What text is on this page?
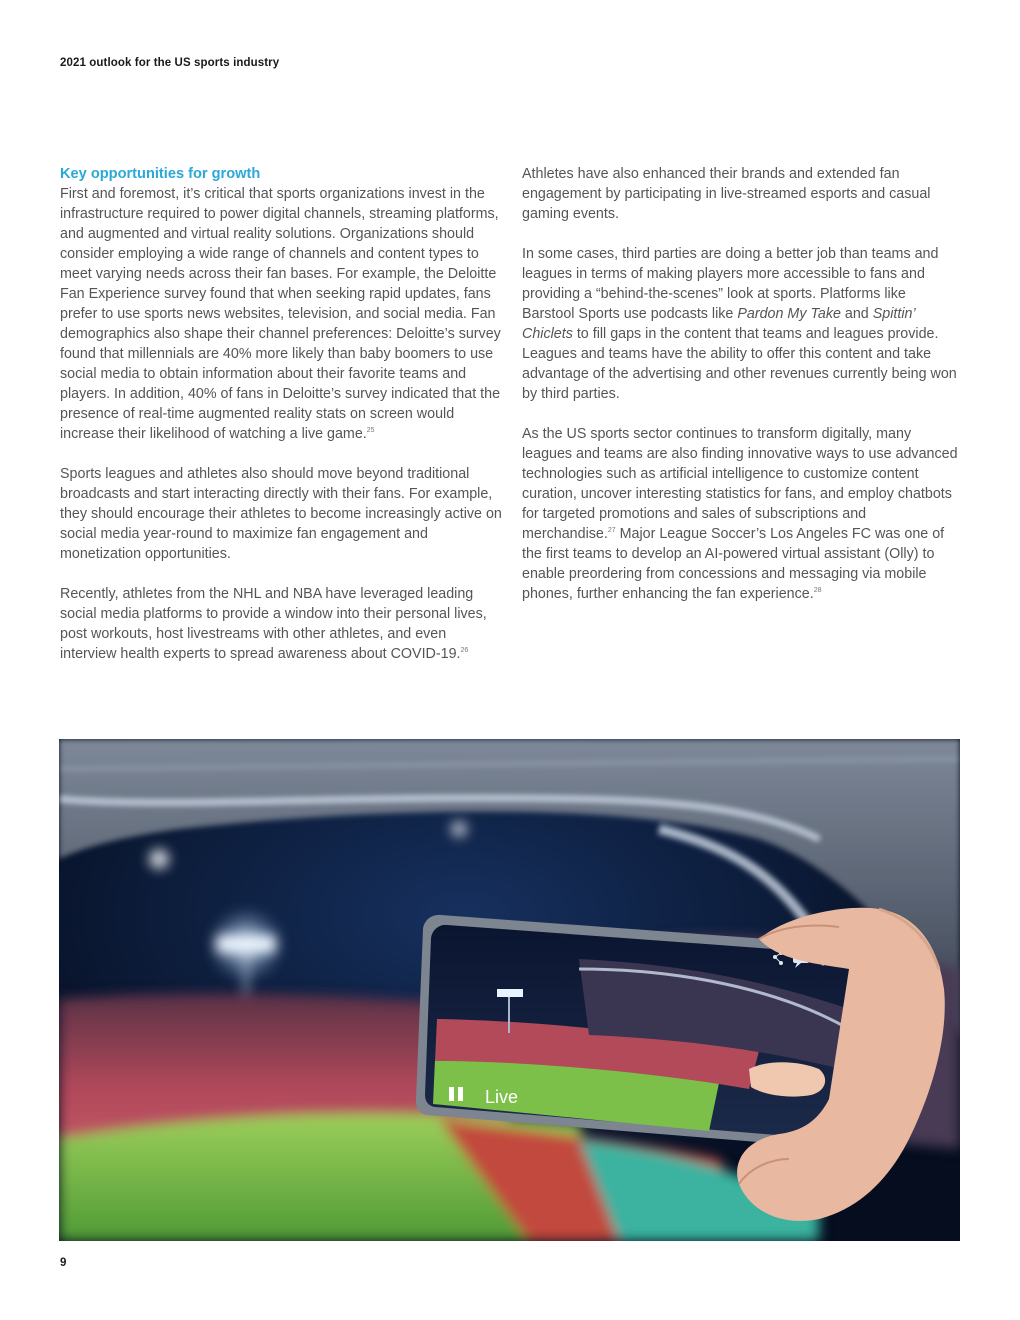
2021 outlook for the US sports industry
Key opportunities for growth

First and foremost, it’s critical that sports organizations invest in the infrastructure required to power digital channels, streaming platforms, and augmented and virtual reality solutions. Organizations should consider employing a wide range of channels and content types to meet varying needs across their fan bases. For example, the Deloitte Fan Experience survey found that when seeking rapid updates, fans prefer to use sports news websites, television, and social media. Fan demographics also shape their channel preferences: Deloitte’s survey found that millennials are 40% more likely than baby boomers to use social media to obtain information about their favorite teams and players. In addition, 40% of fans in Deloitte’s survey indicated that the presence of real-time augmented reality stats on screen would increase their likelihood of watching a live game.$^{25}$

Sports leagues and athletes also should move beyond traditional broadcasts and start interacting directly with their fans. For example, they should encourage their athletes to become increasingly active on social media year-round to maximize fan engagement and monetization opportunities.

Recently, athletes from the NHL and NBA have leveraged leading social media platforms to provide a window into their personal lives, post workouts, host livestreams with other athletes, and even interview health experts to spread awareness about COVID-19.26

Athletes have also enhanced their brands and extended fan engagement by participating in live-streamed esports and casual gaming events.

In some cases, third parties are doing a better job than teams and leagues in terms of making players more accessible to fans and providing a “behind-the-scenes” look at sports. Platforms like Barstool Sports use podcasts like Pardon My Take and Spittin’ Chiclets to fill gaps in the content that teams and leagues provide. Leagues and teams have the ability to offer this content and take advantage of the advertising and other revenues currently being won by third parties.

As the US sports sector continues to transform digitally, many leagues and teams are also finding innovative ways to use advanced technologies such as artificial intelligence to customize content curation, uncover interesting statistics for fans, and employ chatbots for targeted promotions and sales of subscriptions and merchandise.$^{27}$ Major League Soccer’s Los Angeles FC was one of the first teams to develop an AI-powered virtual assistant (Olly) to enable preordering from concessions and messaging via mobile phones, further enhancing the fan experience.$^{28}$

Live
9
